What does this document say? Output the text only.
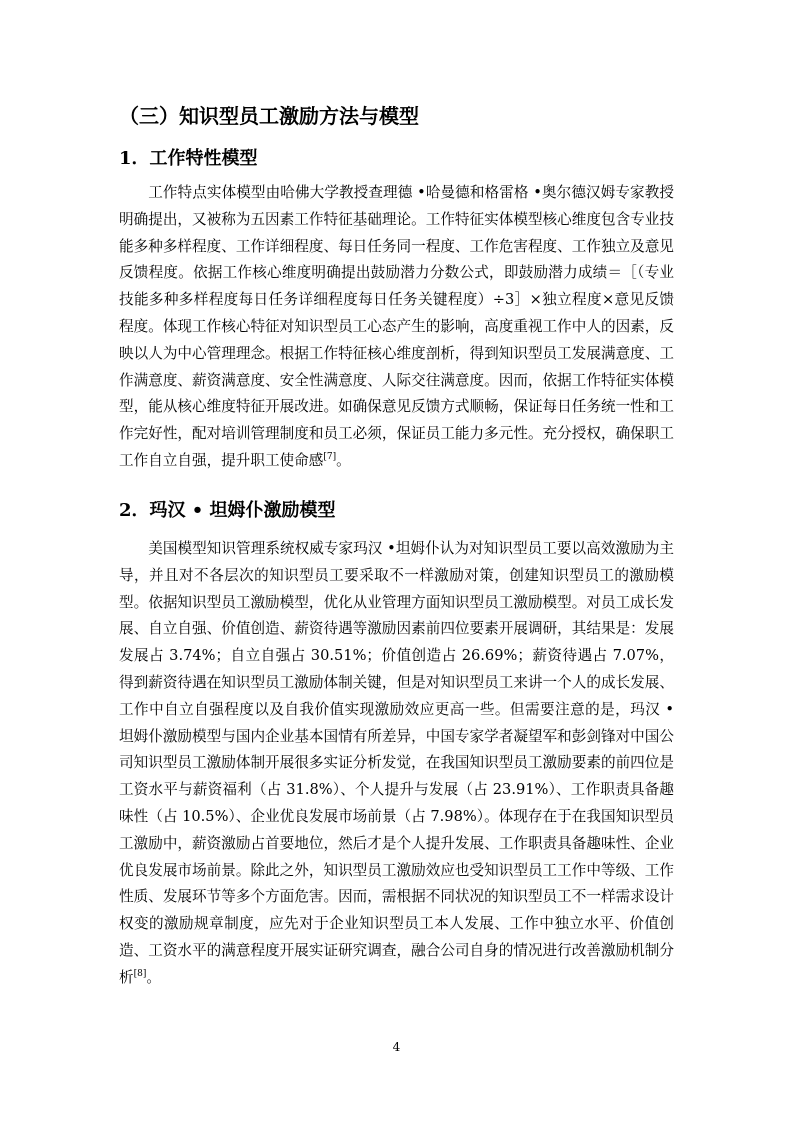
（三）知识型员工激励方法与模型
1．工作特性模型

工作特点实体模型由哈佛大学教授查理德 •哈曼德和格雷格 •奥尔德汉姆专家教授明确提出，又被称为五因素工作特征基础理论。工作特征实体模型核心维度包含专业技能多种多样程度、工作详细程度、每日任务同一程度、工作危害程度、工作独立及意见反馈程度。依据工作核心维度明确提出鼓励潜力分数公式，即鼓励潜力成绩＝［（专业技能多种多样程度每日任务详细程度每日任务关键程度）÷3］×独立程度×意见反馈程度。体现工作核心特征对知识型员工心态产生的影响，高度重视工作中人的因素，反映以人为中心管理理念。根据工作特征核心维度剖析，得到知识型员工发展满意度、工作满意度、薪资满意度、安全性满意度、人际交往满意度。因而，依据工作特征实体模型，能从核心维度特征开展改进。如确保意见反馈方式顺畅，保证每日任务统一性和工作完好性，配对培训管理制度和员工必须，保证员工能力多元性。充分授权，确保职工工作自立自强，提升职工使命感[7]。

2．玛汉 • 坦姆仆激励模型

美国模型知识管理系统权威专家玛汉 •坦姆仆认为对知识型员工要以高效激励为主导，并且对不各层次的知识型员工要采取不一样激励对策，创建知识型员工的激励模型。依据知识型员工激励模型，优化从业管理方面知识型员工激励模型。对员工成长发展、自立自强、价值创造、薪资待遇等激励因素前四位要素开展调研，其结果是：发展发展占 3.74%；自立自强占 30.51%；价值创造占 26.69%；薪资待遇占 7.07%，得到薪资待遇在知识型员工激励体制关键，但是对知识型员工来讲一个人的成长发展、工作中自立自强程度以及自我价值实现激励效应更高一些。但需要注意的是，玛汉 • 坦姆仆激励模型与国内企业基本国情有所差异，中国专家学者凝望军和彭剑锋对中国公司知识型员工激励体制开展很多实证分析发觉，在我国知识型员工激励要素的前四位是工资水平与薪资福利（占 31.8%）、个人提升与发展（占 23.91%）、工作职责具备趣味性（占 10.5%）、企业优良发展市场前景（占 7.98%）。体现存在于在我国知识型员工激励中，薪资激励占首要地位，然后才是个人提升发展、工作职责具备趣味性、企业优良发展市场前景。除此之外，知识型员工激励效应也受知识型员工工作中等级、工作性质、发展环节等多个方面危害。因而，需根据不同状况的知识型员工不一样需求设计权变的激励规章制度，应先对于企业知识型员工本人发展、工作中独立水平、价值创造、工资水平的满意程度开展实证研究调查，融合公司自身的情况进行改善激励机制分析[8]。

4
